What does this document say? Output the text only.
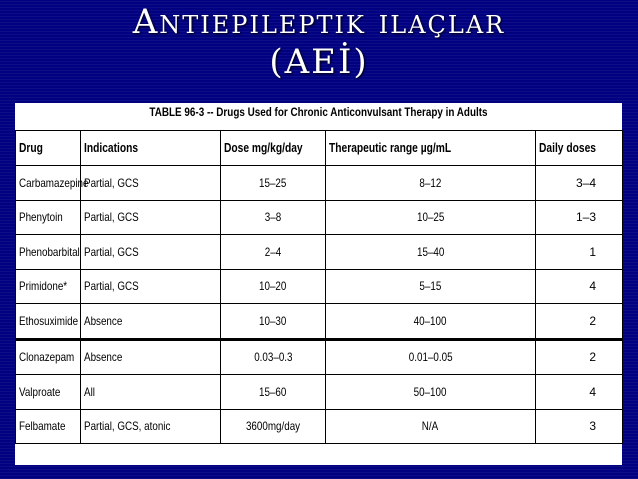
Antiepileptik ilaçlar
(AEİ)
TABLE 96-3 -- Drugs Used for Chronic Anticonvulsant Therapy in Adults
Drug	Indications	Dose mg/kg/day	Therapeutic range µg/mL	Daily doses
Carbamazepine	Partial, GCS	15–25	8–12	3–4
Phenytoin	Partial, GCS	3–8	10–25	1–3
Phenobarbital	Partial, GCS	2–4	15–40	1
Primidone*	Partial, GCS	10–20	5–15	4
Ethosuximide	Absence	10–30	40–100	2
Clonazepam	Absence	0.03–0.3	0.01–0.05	2
Valproate	All	15–60	50–100	4
Felbamate	Partial, GCS, atonic	3600mg/day	N/A	3
